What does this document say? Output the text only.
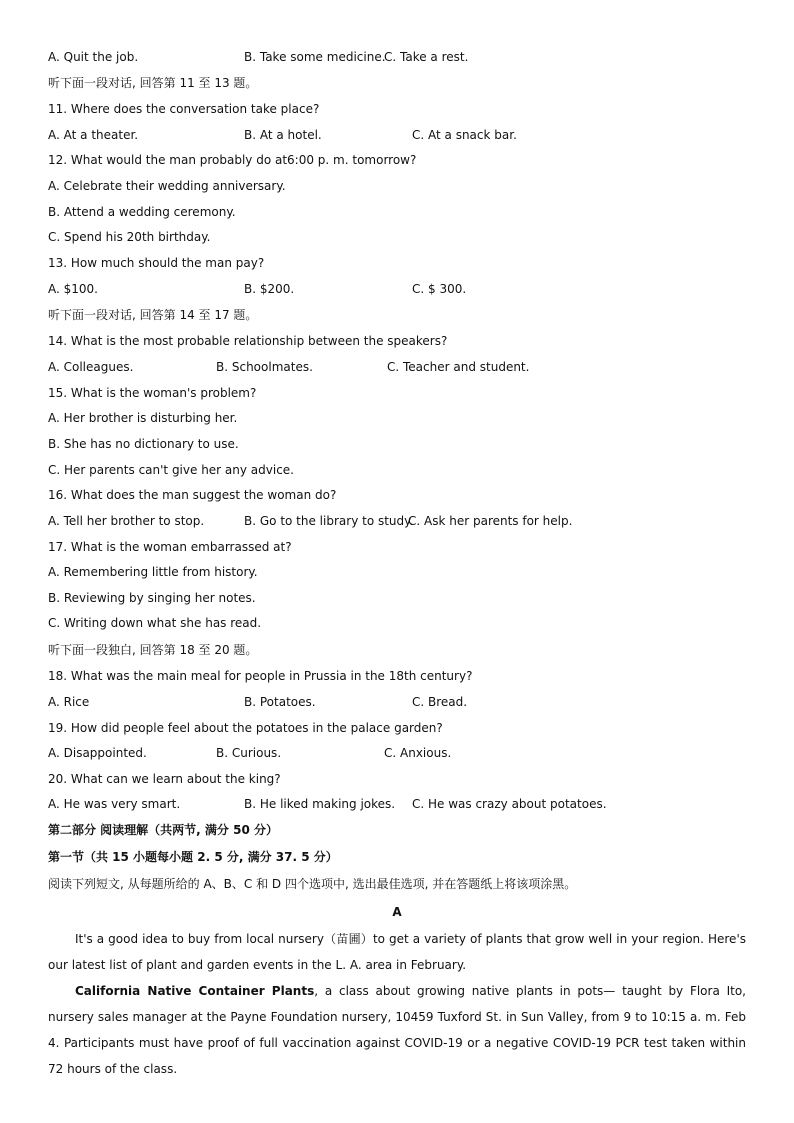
A. Quit the job.	B. Take some medicine.
C. Take a rest.
听下面一段对话, 回答第 11 至 13 题。
11. Where does the conversation take place?
A. At a theater.	B. At a hotel.	C. At a snack bar.
12. What would the man probably do at6:00 p. m. tomorrow?
A. Celebrate their wedding anniversary.
B. Attend a wedding ceremony.
C. Spend his 20th birthday.
13. How much should the man pay?
A. $100.	B. $200.	C. $ 300.
听下面一段对话, 回答第 14 至 17 题。
14. What is the most probable relationship between the speakers?
A. Colleagues.	B. Schoolmates.	C. Teacher and student.
15. What is the woman's problem?
A. Her brother is disturbing her.
B. She has no dictionary to use.
C. Her parents can't give her any advice.
16. What does the man suggest the woman do?
A. Tell her brother to stop.	B. Go to the library to study.
C. Ask her parents for help.
17. What is the woman embarrassed at?
A. Remembering little from history.
B. Reviewing by singing her notes.
C. Writing down what she has read.
听下面一段独白, 回答第 18 至 20 题。
18. What was the main meal for people in Prussia in the 18th century?
A. Rice	B. Potatoes.	C. Bread.
19. How did people feel about the potatoes in the palace garden?
A. Disappointed.	B. Curious.	C. Anxious.
20. What can we learn about the king?
A. He was very smart.	B. He liked making jokes. C. He was crazy about potatoes.
第二部分 阅读理解（共两节, 满分 50 分）
第一节（共 15 小题每小题 2. 5 分, 满分 37. 5 分）
阅读下列短文, 从每题所给的 A、B、C 和 D 四个选项中, 选出最佳选项, 并在答题纸上将该项涂黑。
A
It's a good idea to buy from local nursery（苗圃）to get a variety of plants that grow well in your region. Here's our latest list of plant and garden events in the L. A. area in February.
California Native Container Plants, a class about growing native plants in pots— taught by Flora Ito, nursery sales manager at the Payne Foundation nursery, 10459 Tuxford St. in Sun Valley, from 9 to 10:15 a. m. Feb 4. Participants must have proof of full vaccination against COVID-19 or a negative COVID-19 PCR test taken within 72 hours of the class.
